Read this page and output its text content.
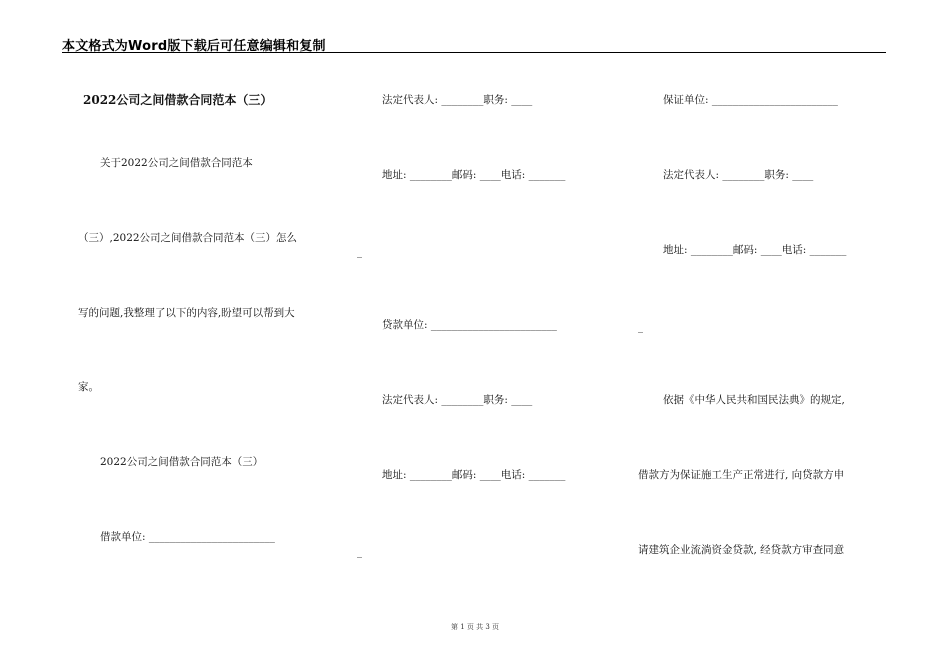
本文格式为Word版下载后可任意编辑和复制
2022公司之间借款合同范本（三）
关于2022公司之间借款合同范本
（三）,2022公司之间借款合同范本（三）怎么
写的问题,我整理了以下的内容,盼望可以帮到大
家。
2022公司之间借款合同范本（三）
借款单位: ________________________
法定代表人: ________职务: ____
地址: ________邮码: ____电话: _______
_
贷款单位: ________________________
法定代表人: ________职务: ____
地址: ________邮码: ____电话: _______
_
保证单位: ________________________
法定代表人: ________职务: ____
地址: ________邮码: ____电话: _______
_
依据《中华人民共和国民法典》的规定,
借款方为保证施工生产正常进行, 向贷款方申
请建筑企业流淌资金贷款, 经贷款方审查同意
第 1 页 共 3 页
